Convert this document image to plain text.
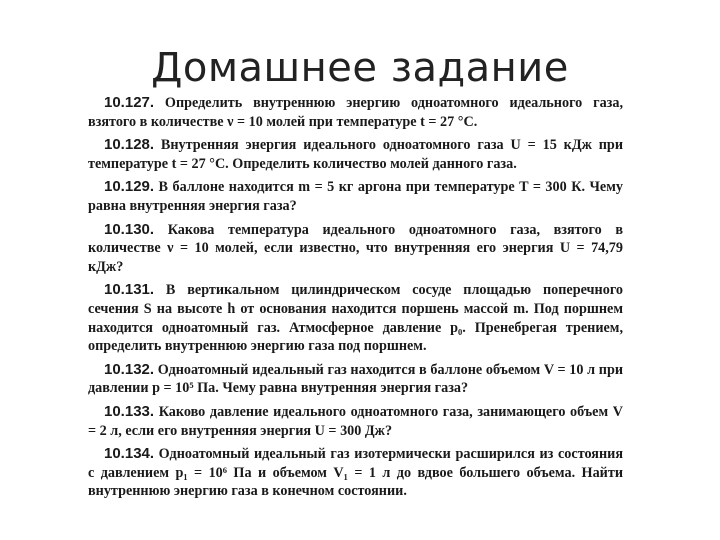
Домашнее задание

10.127. Определить внутреннюю энергию одноатомного идеального газа, взятого в количестве ν = 10 молей при температуре t = 27 °С.

10.128. Внутренняя энергия идеального одноатомного газа U = 15 кДж при температуре t = 27 °С. Определить количество молей данного газа.

10.129. В баллоне находится m = 5 кг аргона при температуре T = 300 К. Чему равна внутренняя энергия газа?

10.130. Какова температура идеального одноатомного газа, взятого в количестве ν = 10 молей, если известно, что внутренняя его энергия U = 74,79 кДж?

10.131. В вертикальном цилиндрическом сосуде площадью поперечного сечения S на высоте h от основания находится поршень массой m. Под поршнем находится одноатомный газ. Атмосферное давление p₀. Пренебрегая трением, определить внутреннюю энергию газа под поршнем.

10.132. Одноатомный идеальный газ находится в баллоне объемом V = 10 л при давлении p = 10⁵ Па. Чему равна внутренняя энергия газа?

10.133. Каково давление идеального одноатомного газа, занимающего объем V = 2 л, если его внутренняя энергия U = 300 Дж?

10.134. Одноатомный идеальный газ изотермически расширился из состояния с давлением p₁ = 10⁶ Па и объемом V₁ = 1 л до вдвое большего объема. Найти внутреннюю энергию газа в конечном состоянии.
